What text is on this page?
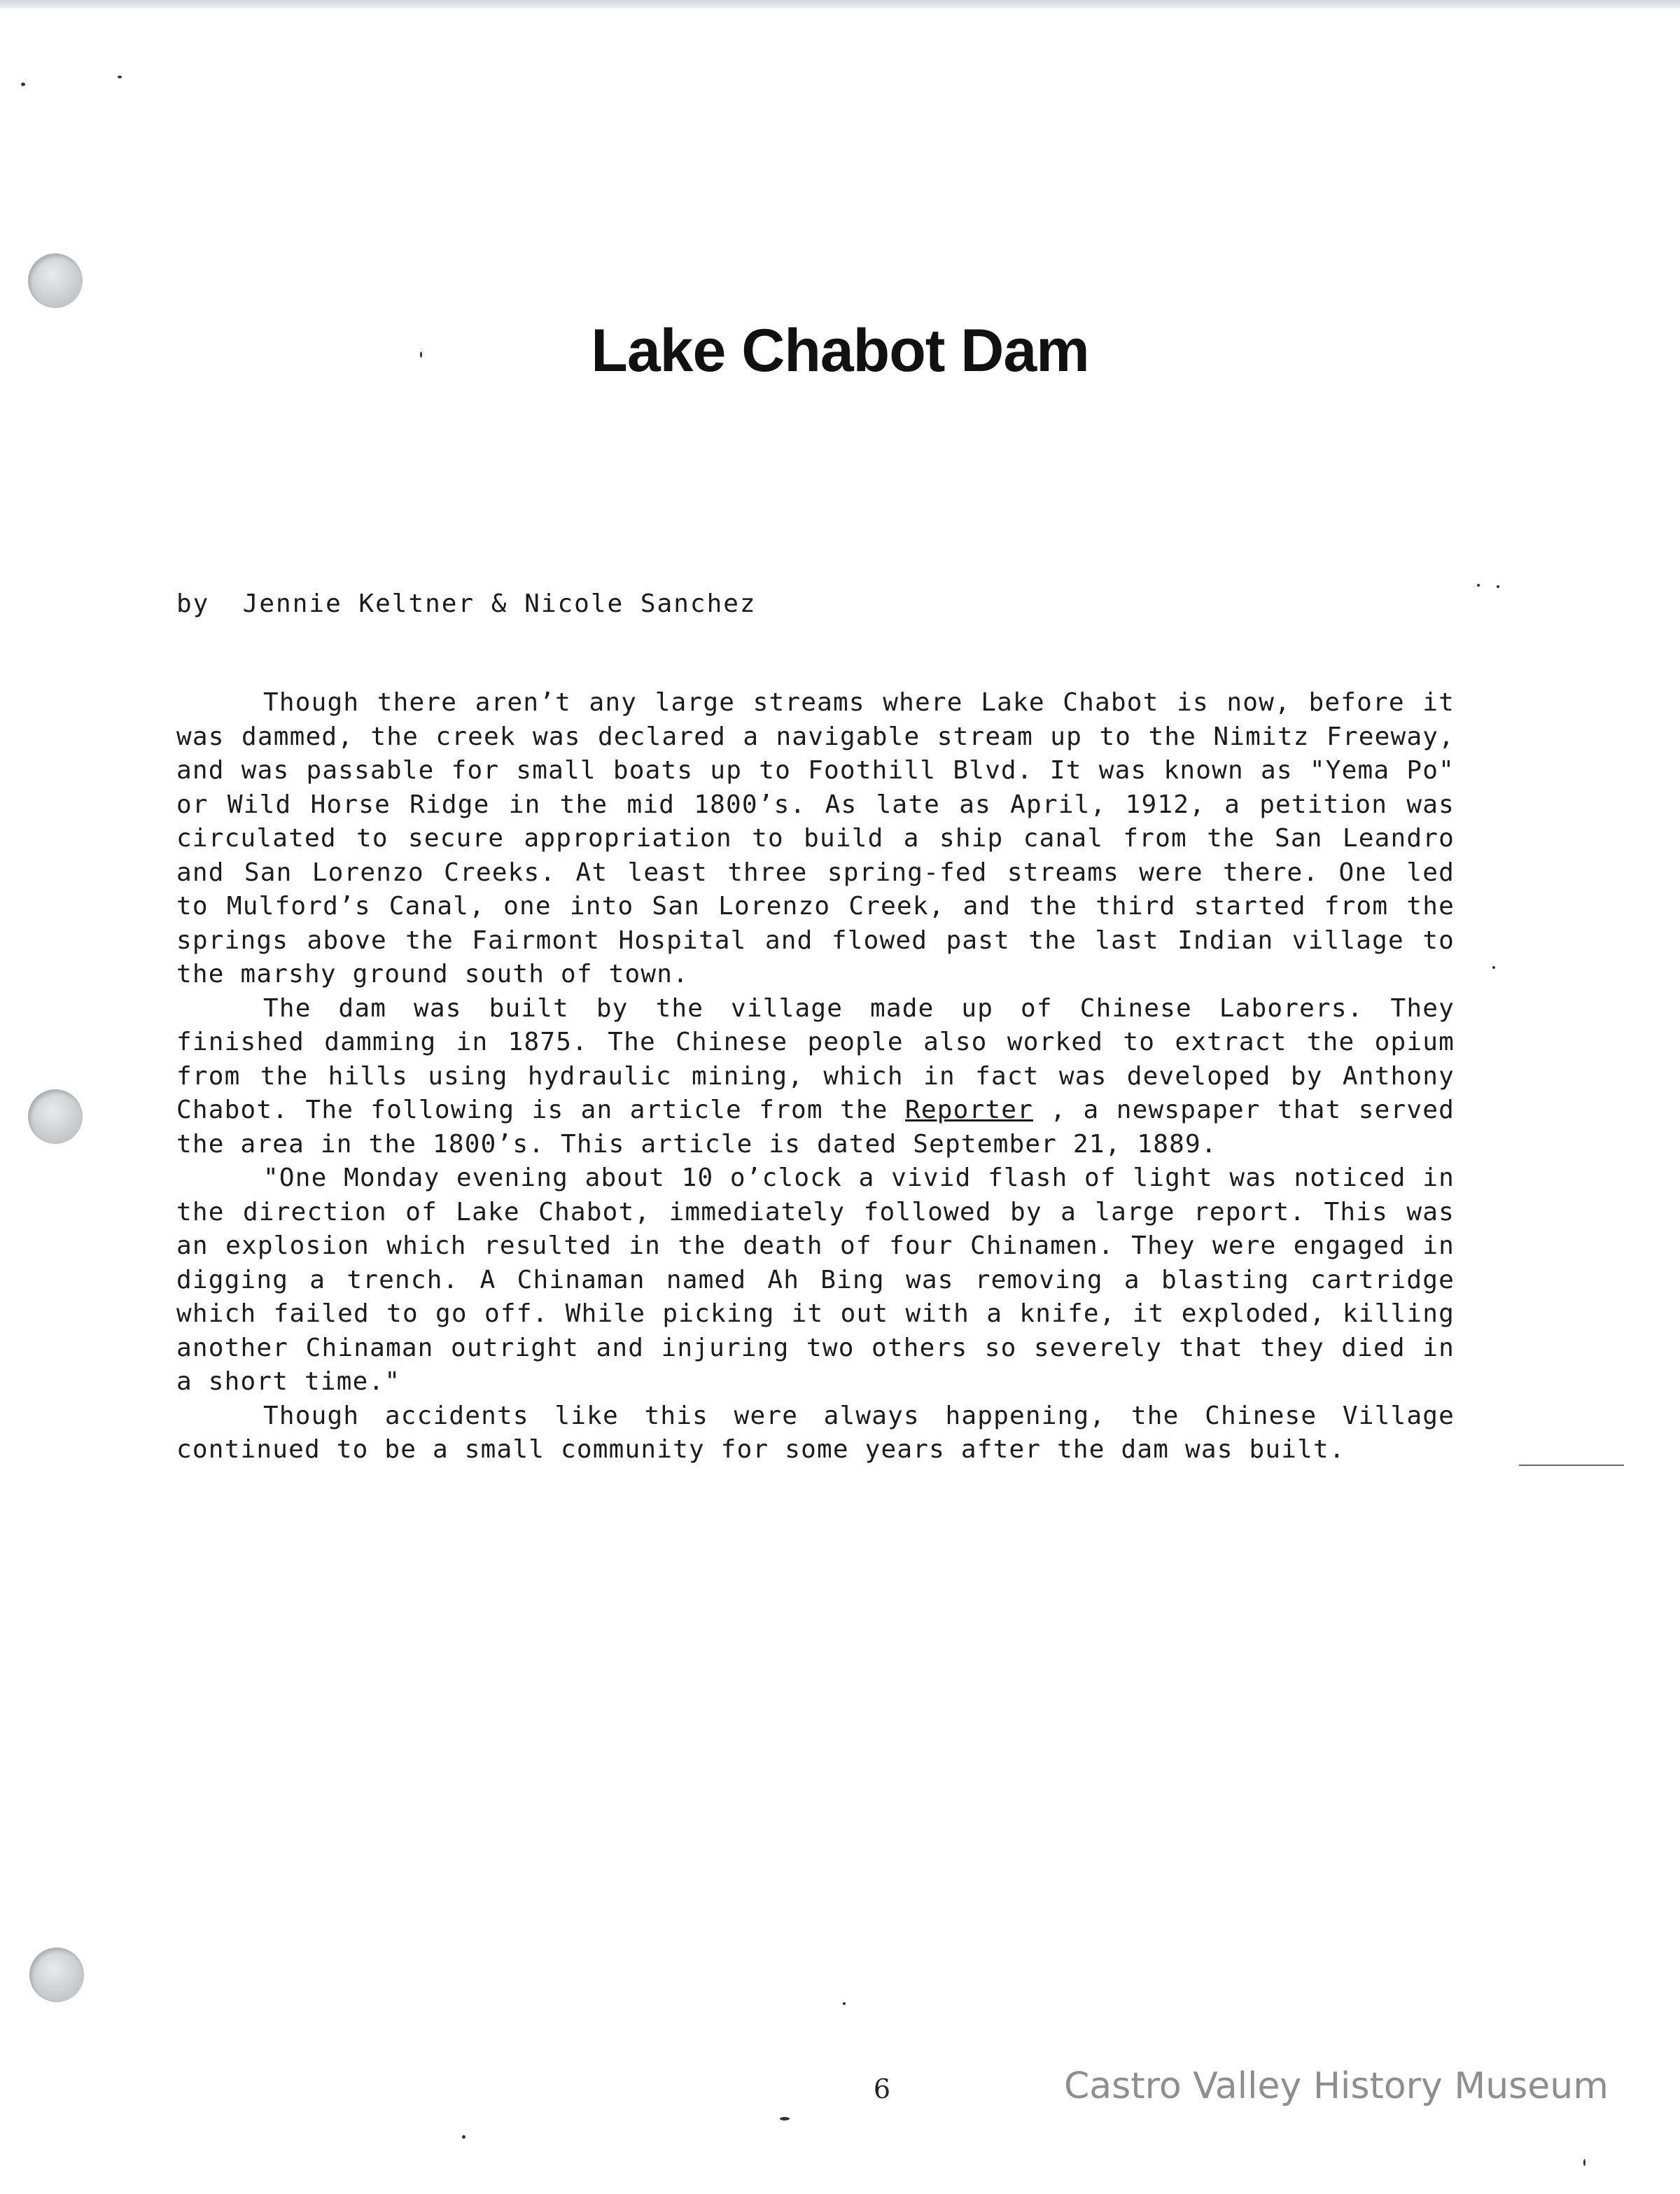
Lake Chabot Dam
by  Jennie Keltner & Nicole Sanchez

Though there aren’t any large streams where Lake Chabot is now, before it was dammed, the creek was declared a navigable stream up to the Nimitz Freeway, and was passable for small boats up to Foothill Blvd. It was known as "Yema Po" or Wild Horse Ridge in the mid 1800’s. As late as April, 1912, a petition was circulated to secure appropriation to build a ship canal from the San Leandro and San Lorenzo Creeks. At least three spring-fed streams were there. One led to Mulford’s Canal, one into San Lorenzo Creek, and the third started from the springs above the Fairmont Hospital and flowed past the last Indian village to the marshy ground south of town.

The dam was built by the village made up of Chinese Laborers. They finished damming in 1875. The Chinese people also worked to extract the opium from the hills using hydraulic mining, which in fact was developed by Anthony Chabot. The following is an article from the Reporter , a newspaper that served the area in the 1800’s. This article is dated September 21, 1889.

"One Monday evening about 10 o’clock a vivid flash of light was noticed in the direction of Lake Chabot, immediately followed by a large report. This was an explosion which resulted in the death of four Chinamen. They were engaged in digging a trench. A Chinaman named Ah Bing was removing a blasting cartridge which failed to go off. While picking it out with a knife, it exploded, killing another Chinaman outright and injuring two others so severely that they died in a short time."

Though accidents like this were always happening, the Chinese Village continued to be a small community for some years after the dam was built.

6	Castro Valley History Museum
